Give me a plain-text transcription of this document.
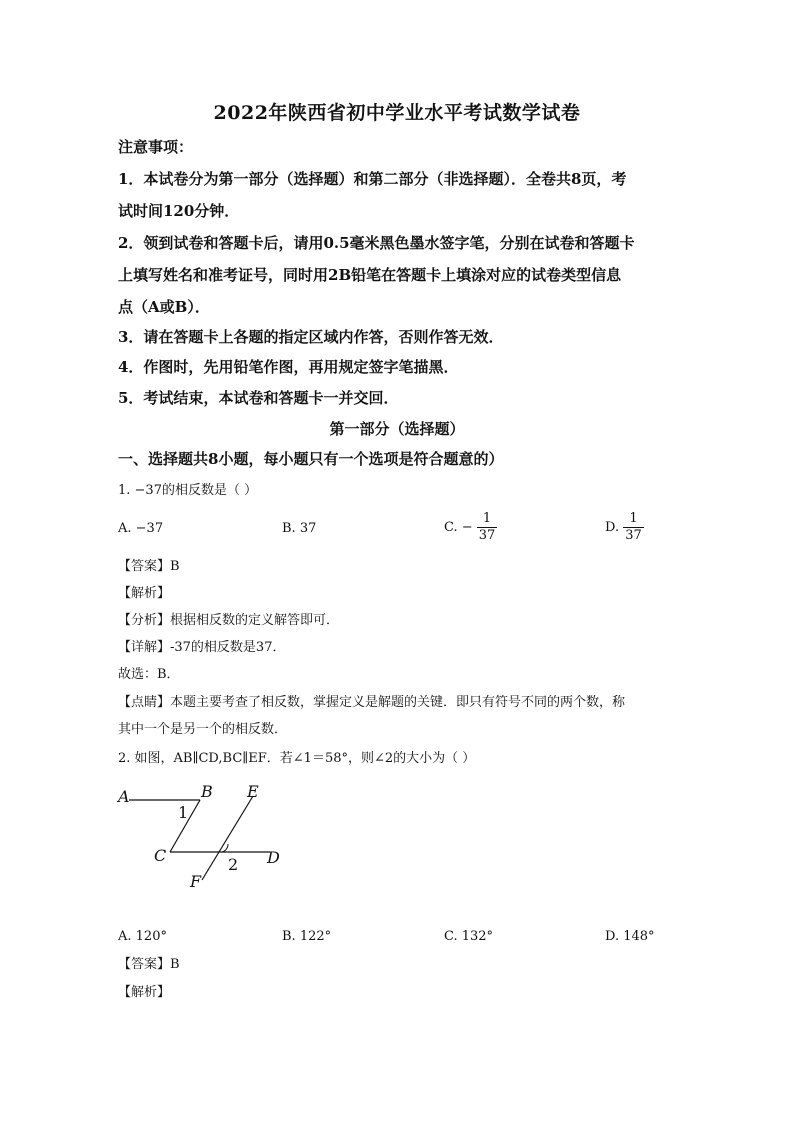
2022年陕西省初中学业水平考试数学试卷
注意事项：
1．本试卷分为第一部分（选择题）和第二部分（非选择题）．全卷共8页，考
试时间120分钟．
2．领到试卷和答题卡后，请用0.5毫米黑色墨水签字笔，分别在试卷和答题卡
上填写姓名和准考证号，同时用2B铅笔在答题卡上填涂对应的试卷类型信息
点（A或B）．
3．请在答题卡上各题的指定区域内作答，否则作答无效．
4．作图时，先用铅笔作图，再用规定签字笔描黑．
5．考试结束，本试卷和答题卡一并交回．
第一部分（选择题）
一、选择题共8小题，每小题只有一个选项是符合题意的）
1. −37的相反数是（ ）
A. −37	B. 37	C. − $\frac{1}{37}$	D. $\frac{1}{37}$
【答案】B
【解析】
【分析】根据相反数的定义解答即可．
【详解】-37的相反数是37．
故选：B．
【点睛】本题主要考查了相反数，掌握定义是解题的关键．即只有符号不同的两个数，称
其中一个是另一个的相反数．
2. 如图，AB∥CD,BC∥EF．若∠1＝58°，则∠2的大小为（ ）
A	B E
1
C	2 D
F
A. 120°	B. 122°	C. 132°	D. 148°
【答案】B
【解析】
